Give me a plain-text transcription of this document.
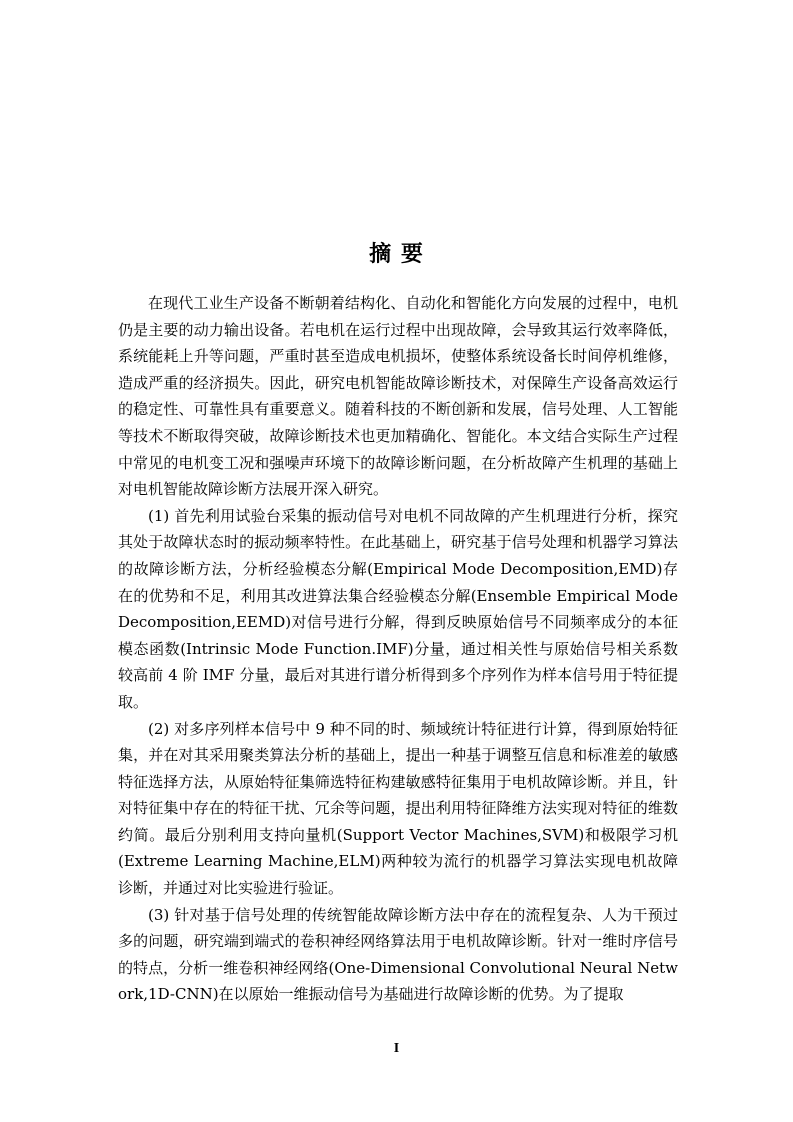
摘 要

在现代工业生产设备不断朝着结构化、自动化和智能化方向发展的过程中，电机仍是主要的动力输出设备。若电机在运行过程中出现故障，会导致其运行效率降低，系统能耗上升等问题，严重时甚至造成电机损坏，使整体系统设备长时间停机维修，造成严重的经济损失。因此，研究电机智能故障诊断技术，对保障生产设备高效运行的稳定性、可靠性具有重要意义。随着科技的不断创新和发展，信号处理、人工智能等技术不断取得突破，故障诊断技术也更加精确化、智能化。本文结合实际生产过程中常见的电机变工况和强噪声环境下的故障诊断问题，在分析故障产生机理的基础上对电机智能故障诊断方法展开深入研究。

(1) 首先利用试验台采集的振动信号对电机不同故障的产生机理进行分析，探究其处于故障状态时的振动频率特性。在此基础上，研究基于信号处理和机器学习算法的故障诊断方法，分析经验模态分解(Empirical Mode Decomposition,EMD)存在的优势和不足，利用其改进算法集合经验模态分解(Ensemble Empirical Mode Decomposition,EEMD)对信号进行分解，得到反映原始信号不同频率成分的本征模态函数(Intrinsic Mode Function.IMF)分量，通过相关性与原始信号相关系数较高前 4 阶 IMF 分量，最后对其进行谱分析得到多个序列作为样本信号用于特征提取。

(2) 对多序列样本信号中 9 种不同的时、频域统计特征进行计算，得到原始特征集，并在对其采用聚类算法分析的基础上，提出一种基于调整互信息和标准差的敏感特征选择方法，从原始特征集筛选特征构建敏感特征集用于电机故障诊断。并且，针对特征集中存在的特征干扰、冗余等问题，提出利用特征降维方法实现对特征的维数约简。最后分别利用支持向量机(Support Vector Machines,SVM)和极限学习机(Extreme Learning Machine,ELM)两种较为流行的机器学习算法实现电机故障诊断，并通过对比实验进行验证。

(3) 针对基于信号处理的传统智能故障诊断方法中存在的流程复杂、人为干预过多的问题，研究端到端式的卷积神经网络算法用于电机故障诊断。针对一维时序信号的特点，分析一维卷积神经网络(One-Dimensional Convolutional Neural Network,1D-CNN)在以原始一维振动信号为基础进行故障诊断的优势。为了提取

I
